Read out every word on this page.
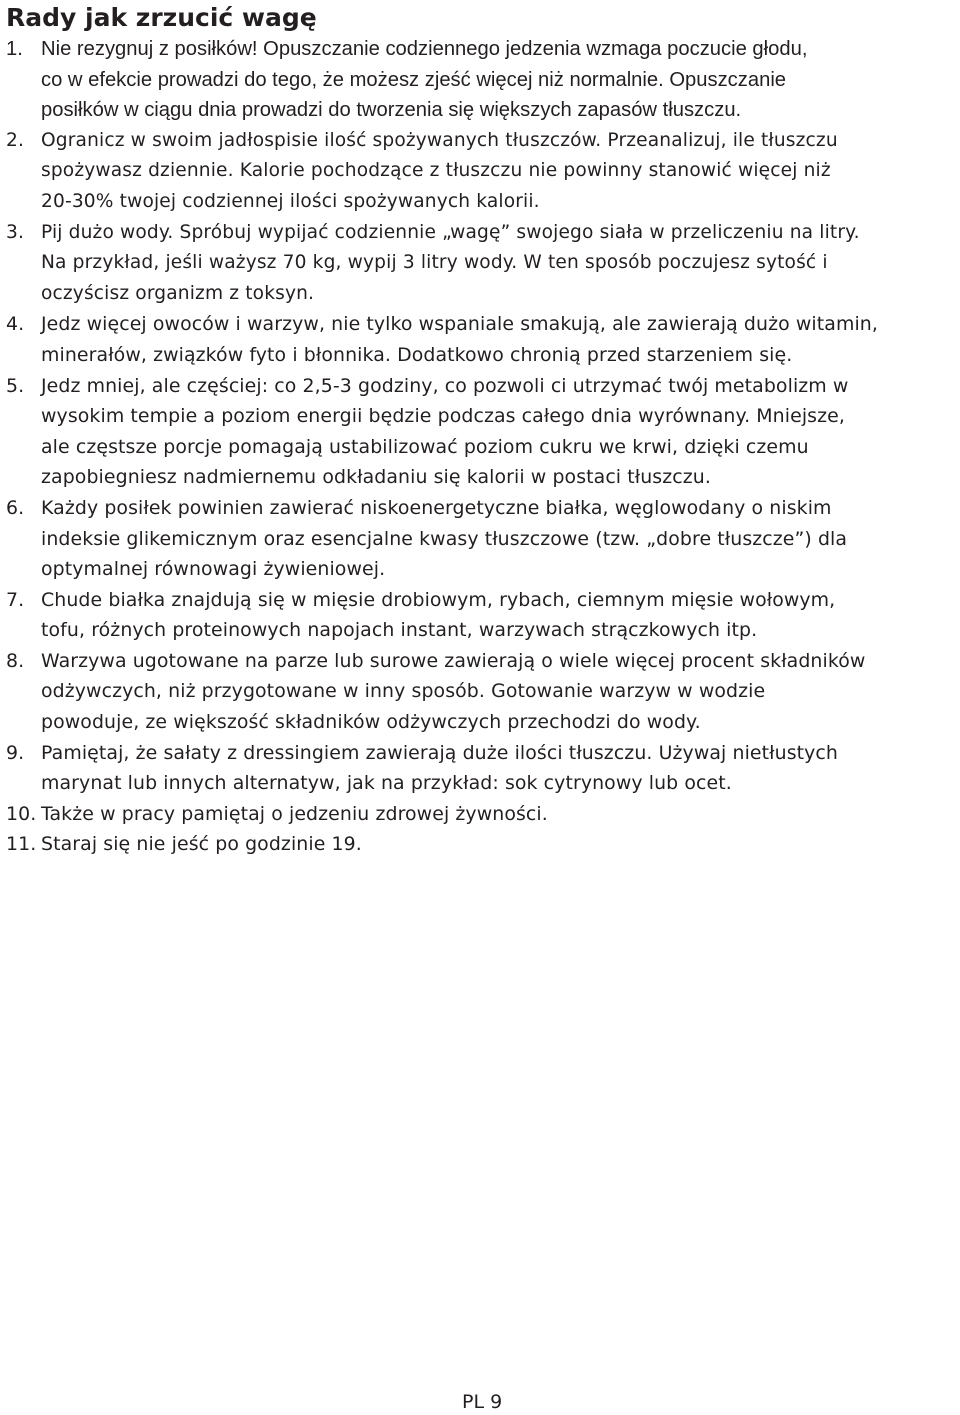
Rady jak zrzucić wagę
1. Nie rezygnuj z posiłków! Opuszczanie codziennego jedzenia wzmaga poczucie głodu,
co w efekcie prowadzi do tego, że możesz zjeść więcej niż normalnie. Opuszczanie
posiłków w ciągu dnia prowadzi do tworzenia się większych zapasów tłuszczu.
2. Ogranicz w swoim jadłospisie ilość spożywanych tłuszczów. Przeanalizuj, ile tłuszczu
spożywasz dziennie. Kalorie pochodzące z tłuszczu nie powinny stanowić więcej niż
20-30% twojej codziennej ilości spożywanych kalorii.
3. Pij dużo wody. Spróbuj wypijać codziennie „wagę” swojego siała w przeliczeniu na litry.
Na przykład, jeśli ważysz 70 kg, wypij 3 litry wody. W ten sposób poczujesz sytość i
oczyścisz organizm z toksyn.
4. Jedz więcej owoców i warzyw, nie tylko wspaniale smakują, ale zawierają dużo witamin,
minerałów, związków fyto i błonnika. Dodatkowo chronią przed starzeniem się.
5. Jedz mniej, ale częściej: co 2,5-3 godziny, co pozwoli ci utrzymać twój metabolizm w
wysokim tempie a poziom energii będzie podczas całego dnia wyrównany. Mniejsze,
ale częstsze porcje pomagają ustabilizować poziom cukru we krwi, dzięki czemu
zapobiegniesz nadmiernemu odkładaniu się kalorii w postaci tłuszczu.
6. Każdy posiłek powinien zawierać niskoenergetyczne białka, węglowodany o niskim
indeksie glikemicznym oraz esencjalne kwasy tłuszczowe (tzw. „dobre tłuszcze”) dla
optymalnej równowagi żywieniowej.
7. Chude białka znajdują się w mięsie drobiowym, rybach, ciemnym mięsie wołowym,
tofu, różnych proteinowych napojach instant, warzywach strączkowych itp.
8. Warzywa ugotowane na parze lub surowe zawierają o wiele więcej procent składników
odżywczych, niż przygotowane w inny sposób. Gotowanie warzyw w wodzie
powoduje, ze większość składników odżywczych przechodzi do wody.
9. Pamiętaj, że sałaty z dressingiem zawierają duże ilości tłuszczu. Używaj nietłustych
marynat lub innych alternatyw, jak na przykład: sok cytrynowy lub ocet.
10. Także w pracy pamiętaj o jedzeniu zdrowej żywności.
11. Staraj się nie jeść po godzinie 19.
PL 9
